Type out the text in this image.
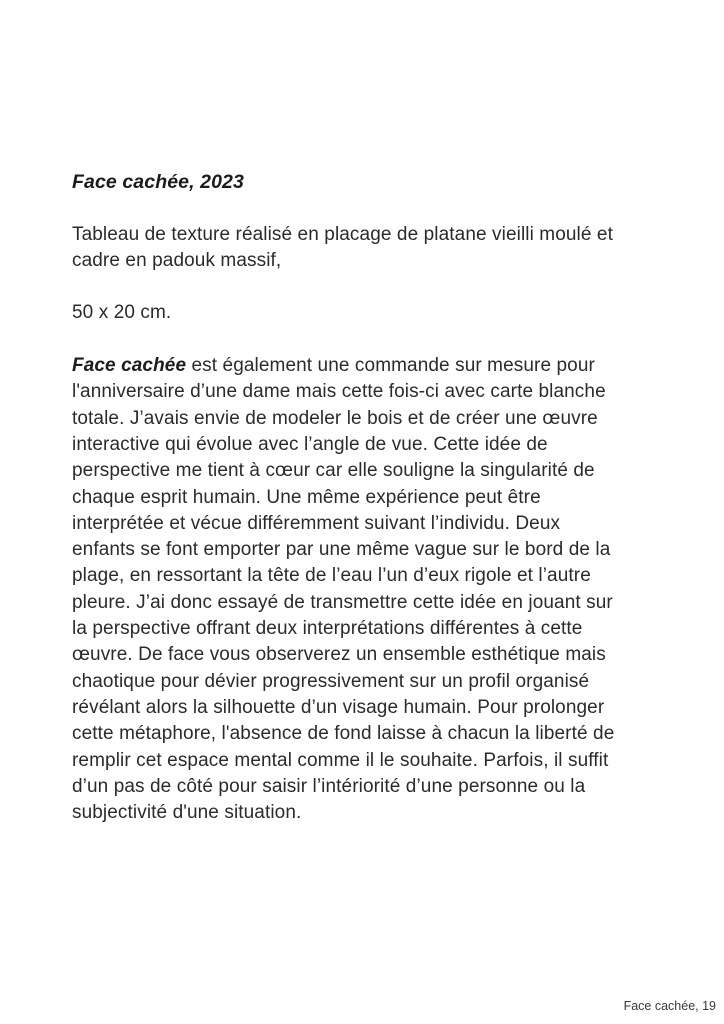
Face cachée, 2023
Tableau de texture réalisé en placage de platane vieilli moulé et
cadre en padouk massif,
50 x 20 cm.
Face cachée est également une commande sur mesure pour
l'anniversaire d’une dame mais cette fois-ci avec carte blanche
totale. J’avais envie de modeler le bois et de créer une œuvre
interactive qui évolue avec l’angle de vue. Cette idée de
perspective me tient à cœur car elle souligne la singularité de
chaque esprit humain. Une même expérience peut être
interprétée et vécue différemment suivant l’individu. Deux
enfants se font emporter par une même vague sur le bord de la
plage, en ressortant la tête de l’eau l’un d’eux rigole et l’autre
pleure. J’ai donc essayé de transmettre cette idée en jouant sur
la perspective offrant deux interprétations différentes à cette
œuvre. De face vous observerez un ensemble esthétique mais
chaotique pour dévier progressivement sur un profil organisé
révélant alors la silhouette d’un visage humain. Pour prolonger
cette métaphore, l'absence de fond laisse à chacun la liberté de
remplir cet espace mental comme il le souhaite. Parfois, il suffit
d’un pas de côté pour saisir l’intériorité d’une personne ou la
subjectivité d'une situation.
Face cachée, 19
